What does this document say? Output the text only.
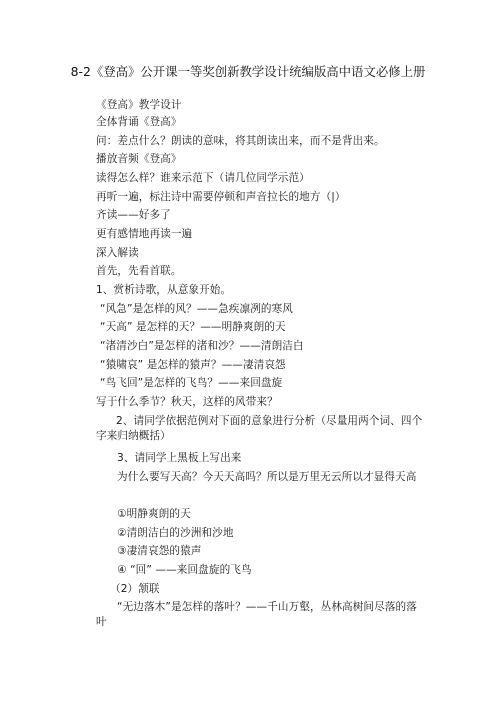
8-2《登高》公开课一等奖创新教学设计统编版高中语文必修上册
《登高》教学设计
全体背诵《登高》
问：差点什么？朗读的意味，将其朗读出来，而不是背出来。
播放音频《登高》
读得怎么样？谁来示范下（请几位同学示范）
再听一遍，标注诗中需要停顿和声音拉长的地方（|）
齐读——好多了
更有感情地再读一遍
深入解读
首先，先看首联。
1、赏析诗歌，从意象开始。
“风急”是怎样的风？——急疾凛冽的寒风
“天高” 是怎样的天？——明静爽朗的天
“渚清沙白”是怎样的渚和沙？——清朗洁白
“猿啸哀” 是怎样的猿声？——凄清哀怨
“鸟飞回”是怎样的飞鸟？——来回盘旋
写于什么季节？秋天，这样的风带来？
2、请同学依据范例对下面的意象进行分析（尽量用两个词、四个字来归纳概括）
3、请同学上黑板上写出来
为什么要写天高？今天天高吗？所以是万里无云所以才显得天高
①明静爽朗的天
②清朗洁白的沙洲和沙地
③凄清哀怨的猿声
④ “回” ——来回盘旋的飞鸟
（2）颔联
“无边落木”是怎样的落叶？——千山万壑，丛林高树间尽落的落叶
